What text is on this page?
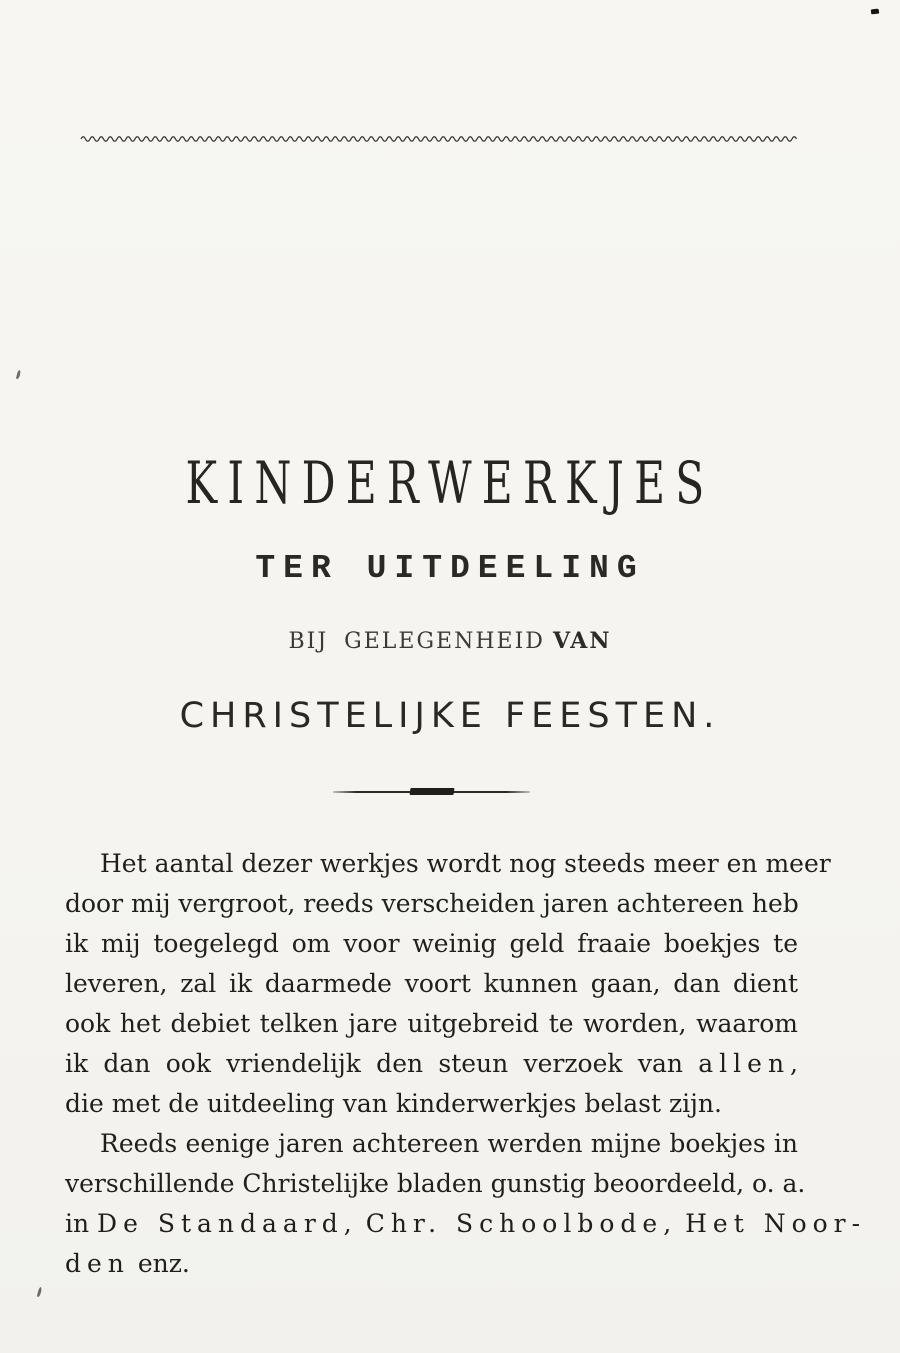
KINDERWERKJES
TER UITDEELING
BIJ GELEGENHEID VAN
CHRISTELIJKE FEESTEN.
Het aantal dezer werkjes wordt nog steeds meer en meer
door mij vergroot, reeds verscheiden jaren achtereen heb
ik mij toegelegd om voor weinig geld fraaie boekjes te
leveren, zal ik daarmede voort kunnen gaan, dan dient
ook het debiet telken jare uitgebreid te worden, waarom
ik dan ook vriendelijk den steun verzoek van allen,
die met de uitdeeling van kinderwerkjes belast zijn.
Reeds eenige jaren achtereen werden mijne boekjes in
verschillende Christelijke bladen gunstig beoordeeld, o. a.
in De Standaard, Chr. Schoolbode, Het Noor-
den enz.
